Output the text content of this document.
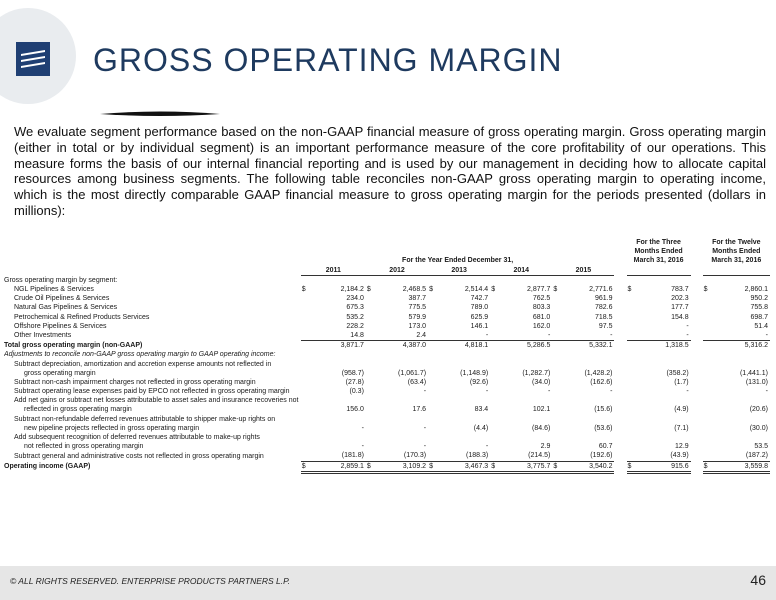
GROSS OPERATING MARGIN
We evaluate segment performance based on the non-GAAP financial measure of gross operating margin. Gross operating margin (either in total or by individual segment) is an important performance measure of the core profitability of our operations. This measure forms the basis of our internal financial reporting and is used by our management in deciding how to allocate capital resources among business segments. The following table reconciles non-GAAP gross operating margin to operating income, which is the most directly comparable GAAP financial measure to gross operating margin for the periods presented (dollars in millions):
												For the Three			For the Twelve	
												Months Ended			Months Ended	
	For the Year Ended December 31,											March 31, 2016			March 31, 2016	
	2011		2012		2013		2014		2015							
Gross operating margin by segment:																
NGL Pipelines & Services	$	2,184.2	$	2,468.5	$	2,514.4	$	2,877.7	$	2,771.6		$	783.7		$	2,860.1
Crude Oil Pipelines & Services		234.0		387.7		742.7		762.5		961.9			202.3			950.2
Natural Gas Pipelines & Services		675.3		775.5		789.0		803.3		782.6			177.7			755.8
Petrochemical & Refined Products Services		535.2		579.9		625.9		681.0		718.5			154.8			698.7
Offshore Pipelines & Services		228.2		173.0		146.1		162.0		97.5			-			51.4
Other Investments		14.8		2.4		-		-		-			-			-
Total gross operating margin (non-GAAP)		3,871.7		4,387.0		4,818.1		5,286.5		5,332.1			1,318.5			5,316.2
Adjustments to reconcile non-GAAP gross operating margin to GAAP operating income:																
Subtract depreciation, amortization and accretion expense amounts not reflected in																
gross operating margin		(958.7)		(1,061.7)		(1,148.9)		(1,282.7)		(1,428.2)			(358.2)			(1,441.1)
Subtract non-cash impairment charges not reflected in gross operating margin		(27.8)		(63.4)		(92.6)		(34.0)		(162.6)			(1.7)			(131.0)
Subtract operating lease expenses paid by EPCO not reflected in gross operating margin		(0.3)		-		-		-		-			-			-
Add net gains or subtract net losses attributable to asset sales and insurance recoveries not																
reflected in gross operating margin		156.0		17.6		83.4		102.1		(15.6)			(4.9)			(20.6)
Subtract non-refundable deferred revenues attributable to shipper make-up rights on																
new pipeline projects reflected in gross operating margin		-		-		(4.4)		(84.6)		(53.6)			(7.1)			(30.0)
Add subsequent recognition of deferred revenues attributable to make-up rights																
not reflected in gross operating margin		-		-		-		2.9		60.7			12.9			53.5
Subtract general and administrative costs not reflected in gross operating margin		(181.8)		(170.3)		(188.3)		(214.5)		(192.6)			(43.9)			(187.2)
Operating income (GAAP)	$	2,859.1	$	3,109.2	$	3,467.3	$	3,775.7	$	3,540.2		$	915.6		$	3,559.8
© ALL RIGHTS RESERVED. ENTERPRISE PRODUCTS PARTNERS L.P.	46
